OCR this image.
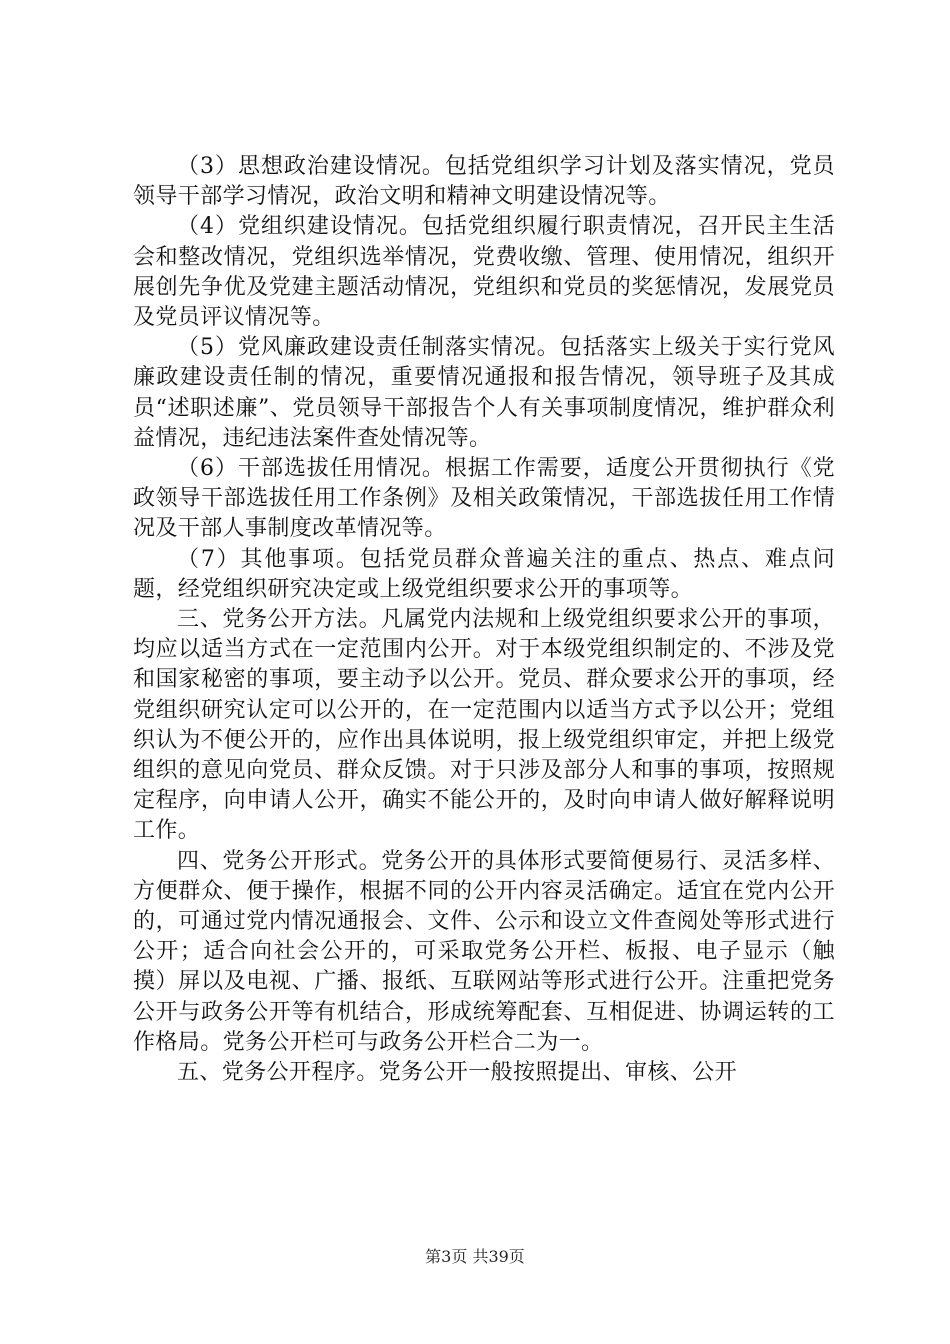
（3）思想政治建设情况。包括党组织学习计划及落实情况，党员领导干部学习情况，政治文明和精神文明建设情况等。

（4）党组织建设情况。包括党组织履行职责情况，召开民主生活会和整改情况，党组织选举情况，党费收缴、管理、使用情况，组织开展创先争优及党建主题活动情况，党组织和党员的奖惩情况，发展党员及党员评议情况等。

（5）党风廉政建设责任制落实情况。包括落实上级关于实行党风廉政建设责任制的情况，重要情况通报和报告情况，领导班子及其成员“述职述廉”、党员领导干部报告个人有关事项制度情况，维护群众利益情况，违纪违法案件查处情况等。

（6）干部选拔任用情况。根据工作需要，适度公开贯彻执行《党政领导干部选拔任用工作条例》及相关政策情况，干部选拔任用工作情况及干部人事制度改革情况等。

（7）其他事项。包括党员群众普遍关注的重点、热点、难点问题，经党组织研究决定或上级党组织要求公开的事项等。

三、党务公开方法。凡属党内法规和上级党组织要求公开的事项，均应以适当方式在一定范围内公开。对于本级党组织制定的、不涉及党和国家秘密的事项，要主动予以公开。党员、群众要求公开的事项，经党组织研究认定可以公开的，在一定范围内以适当方式予以公开；党组织认为不便公开的，应作出具体说明，报上级党组织审定，并把上级党组织的意见向党员、群众反馈。对于只涉及部分人和事的事项，按照规定程序，向申请人公开，确实不能公开的，及时向申请人做好解释说明工作。

四、党务公开形式。党务公开的具体形式要简便易行、灵活多样、方便群众、便于操作，根据不同的公开内容灵活确定。适宜在党内公开的，可通过党内情况通报会、文件、公示和设立文件查阅处等形式进行公开；适合向社会公开的，可采取党务公开栏、板报、电子显示（触摸）屏以及电视、广播、报纸、互联网站等形式进行公开。注重把党务公开与政务公开等有机结合，形成统筹配套、互相促进、协调运转的工作格局。党务公开栏可与政务公开栏合二为一。

五、党务公开程序。党务公开一般按照提出、审核、公开

第3页 共39页
